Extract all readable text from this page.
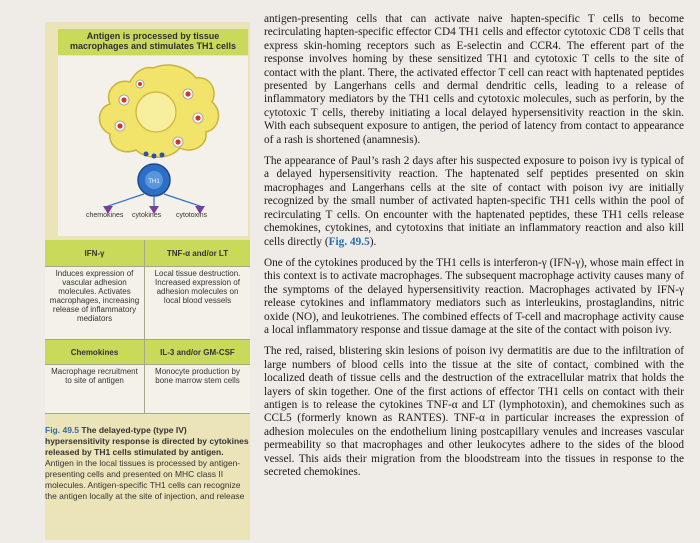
Antigen is processed by tissue macrophages and stimulates TH1 cells
TH1
chemokines cytokines cytotoxins
IFN-γ	TNF-α and/or LT
Induces expression of vascular adhesion molecules. Activates macrophages, increasing release of inflammatory mediators
Local tissue destruction. Increased expression of adhesion molecules on local blood vessels
Chemokines	IL-3 and/or GM-CSF
Macrophage recruitment to site of antigen
Monocyte production by bone marrow stem cells
Fig. 49.5 The delayed-type (type IV) hypersensitivity response is directed by cytokines released by TH1 cells stimulated by antigen. Antigen in the local tissues is processed by antigen-presenting cells and presented on MHC class II molecules. Antigen-specific TH1 cells can recognize the antigen locally at the site of injection, and release

antigen-presenting cells that can activate naive hapten-specific T cells to become recirculating hapten-specific effector CD4 TH1 cells and effector cytotoxic CD8 T cells that express skin-homing receptors such as E-selectin and CCR4. The efferent part of the response involves homing by these sensitized TH1 and cytotoxic T cells to the site of contact with the plant. There, the activated effector T cell can react with haptenated peptides presented by Langerhans cells and dermal dendritic cells, leading to a release of inflammatory mediators by the TH1 cells and cytotoxic molecules, such as perforin, by the cytotoxic T cells, thereby initiating a local delayed hypersensitivity reaction in the skin. With each subsequent exposure to antigen, the period of latency from contact to appearance of a rash is shortened (anamnesis).

The appearance of Paul’s rash 2 days after his suspected exposure to poison ivy is typical of a delayed hypersensitivity reaction. The haptenated self peptides presented on skin macrophages and Langerhans cells at the site of contact with poison ivy are initially recognized by the small number of activated hapten-specific TH1 cells within the pool of recirculating T cells. On encounter with the haptenated peptides, these TH1 cells release chemokines, cytokines, and cytotoxins that initiate an inflammatory reaction and also kill cells directly (Fig. 49.5).

One of the cytokines produced by the TH1 cells is interferon-γ (IFN-γ), whose main effect in this context is to activate macrophages. The subsequent macrophage activity causes many of the symptoms of the delayed hypersensitivity reaction. Macrophages activated by IFN-γ release cytokines and inflammatory mediators such as interleukins, prostaglandins, nitric oxide (NO), and leukotrienes. The combined effects of T-cell and macrophage activity cause a local inflammatory response and tissue damage at the site of the contact with poison ivy.

The red, raised, blistering skin lesions of poison ivy dermatitis are due to the infiltration of large numbers of blood cells into the tissue at the site of contact, combined with the localized death of tissue cells and the destruction of the extracellular matrix that holds the layers of skin together. One of the first actions of effector TH1 cells on contact with their antigen is to release the cytokines TNF-α and LT (lymphotoxin), and chemokines such as CCL5 (formerly known as RANTES). TNF-α in particular increases the expression of adhesion molecules on the endothelium lining postcapillary venules and increases vascular permeability so that macrophages and other leukocytes adhere to the sides of the blood vessel. This aids their migration from the bloodstream into the tissues in response to the secreted chemokines.
